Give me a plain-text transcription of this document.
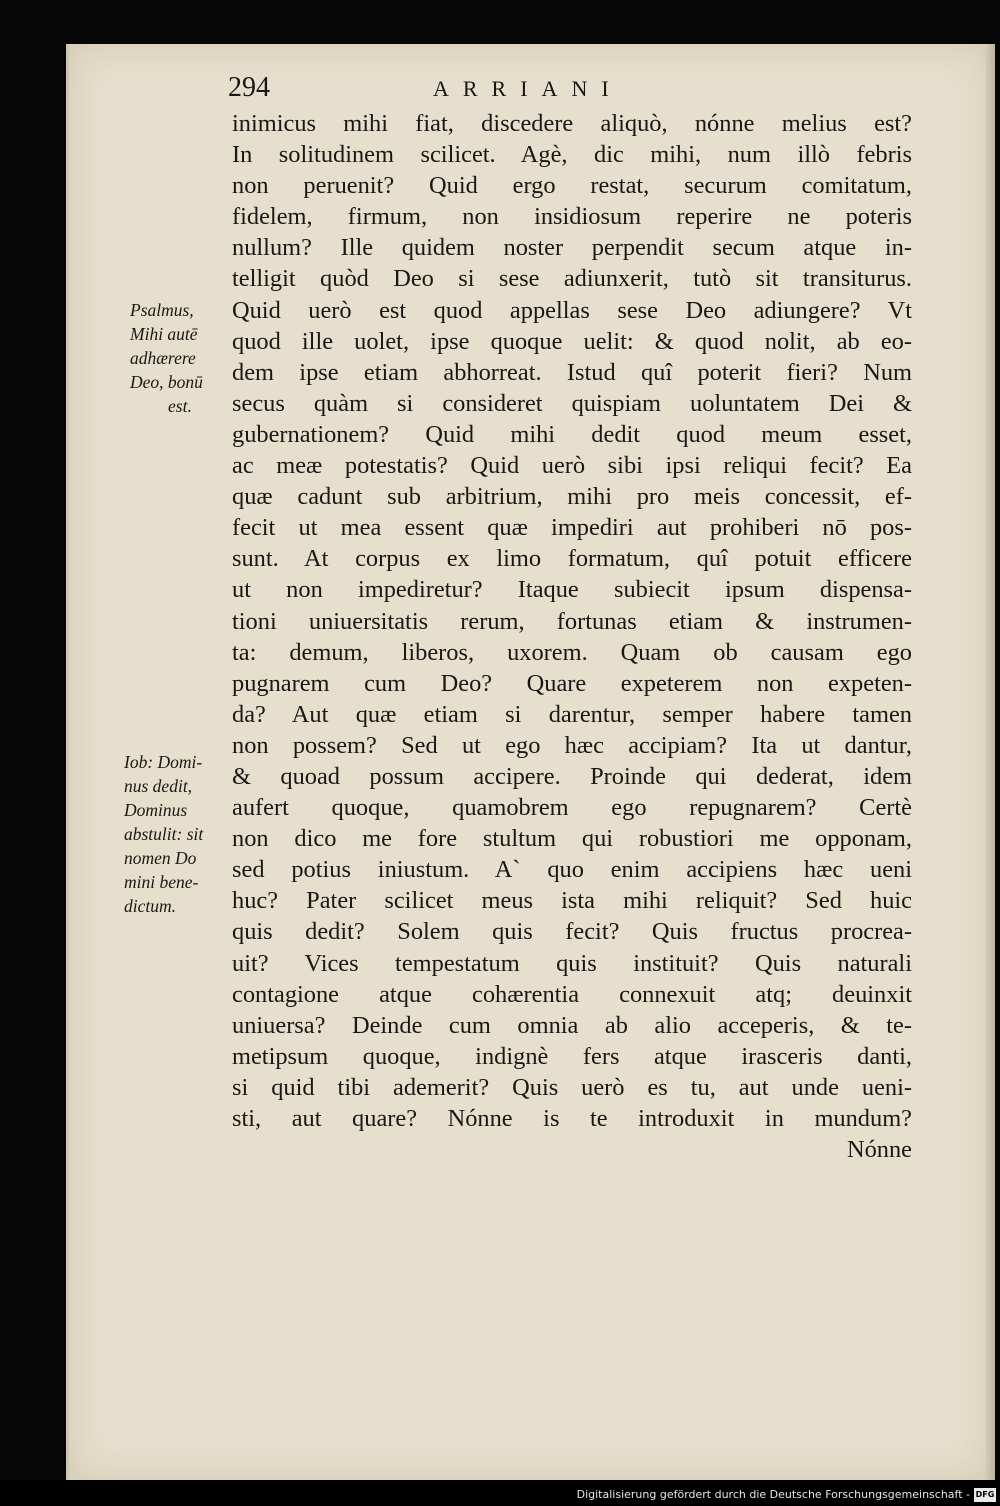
294	ARRIANI
Psalmus,
Mihi autē
adhærere
Deo, bonū
est.
Iob: Domi-
nus dedit,
Dominus
abstulit: sit
nomen Do
mini bene-
dictum.
inimicus mihi fiat, discedere aliquò, nónne melius est?
In solitudinem scilicet. Agè, dic mihi, num illò febris
non peruenit? Quid ergo restat, securum comitatum,
fidelem, firmum, non insidiosum reperire ne poteris
nullum? Ille quidem noster perpendit secum atque in-
telligit quòd Deo si sese adiunxerit, tutò sit transiturus.
Quid uerò est quod appellas sese Deo adiungere? Vt
quod ille uolet, ipse quoque uelit: & quod nolit, ab eo-
dem ipse etiam abhorreat. Istud quî poterit fieri? Num
secus quàm si consideret quispiam uoluntatem Dei &
gubernationem? Quid mihi dedit quod meum esset,
ac meæ potestatis? Quid uerò sibi ipsi reliqui fecit? Ea
quæ cadunt sub arbitrium, mihi pro meis concessit, ef-
fecit ut mea essent quæ impediri aut prohiberi nō pos-
sunt. At corpus ex limo formatum, quî potuit efficere
ut non impediretur? Itaque subiecit ipsum dispensa-
tioni uniuersitatis rerum, fortunas etiam & instrumen-
ta: demum, liberos, uxorem. Quam ob causam ego
pugnarem cum Deo? Quare expeterem non expeten-
da? Aut quæ etiam si darentur, semper habere tamen
non possem? Sed ut ego hæc accipiam? Ita ut dantur,
& quoad possum accipere. Proinde qui dederat, idem
aufert quoque, quamobrem ego repugnarem? Certè
non dico me fore stultum qui robustiori me opponam,
sed potius iniustum. A` quo enim accipiens hæc ueni
huc? Pater scilicet meus ista mihi reliquit? Sed huic
quis dedit? Solem quis fecit? Quis fructus procrea-
uit? Vices tempestatum quis instituit? Quis naturali
contagione atque cohærentia connexuit atq; deuinxit
uniuersa? Deinde cum omnia ab alio acceperis, & te-
metipsum quoque, indignè fers atque irasceris danti,
si quid tibi ademerit? Quis uerò es tu, aut unde ueni-
sti, aut quare? Nónne is te introduxit in mundum?
Nónne
Digitalisierung gefördert durch die Deutsche Forschungsgemeinschaft - DFG
